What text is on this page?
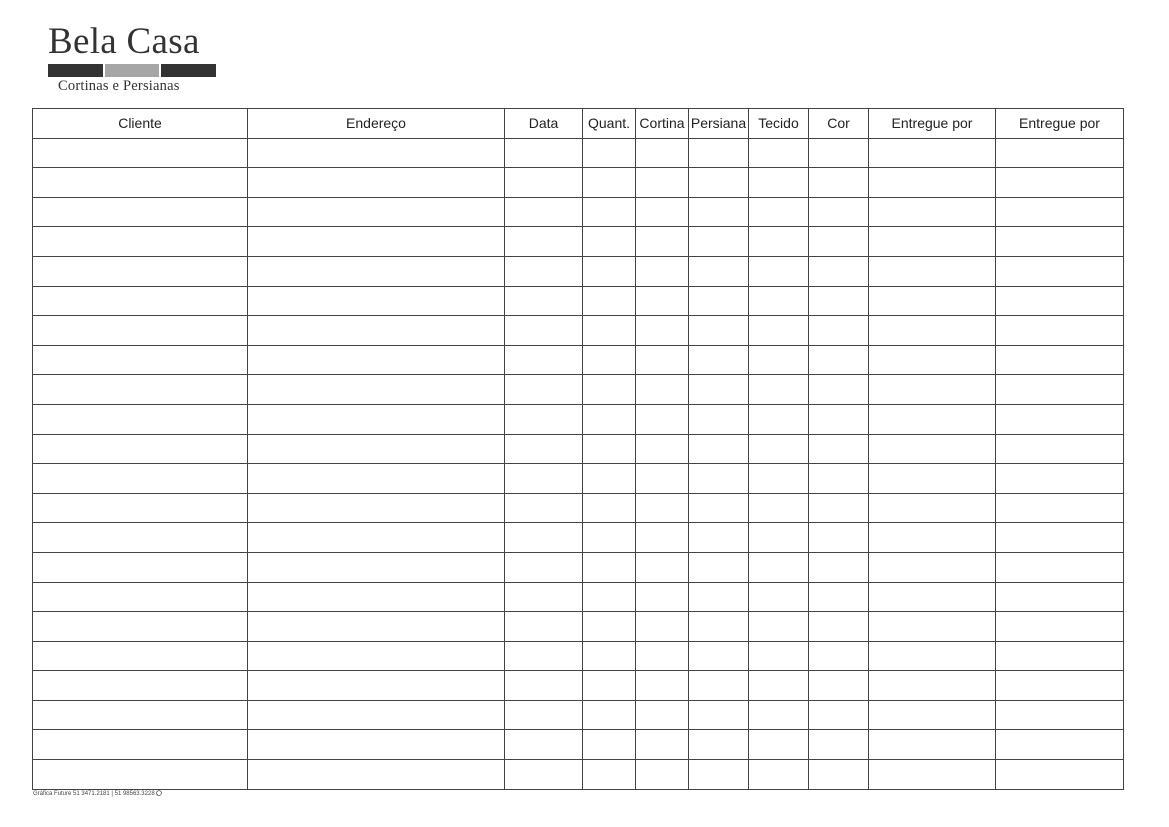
Bela Casa
Cortinas e Persianas
Cliente	Endereço	Data	Quant.	Cortina	Persiana	Tecido	Cor	Entregue por	Entregue por

Gráfica Future 51 3471.2181 | 51 98563.3228
